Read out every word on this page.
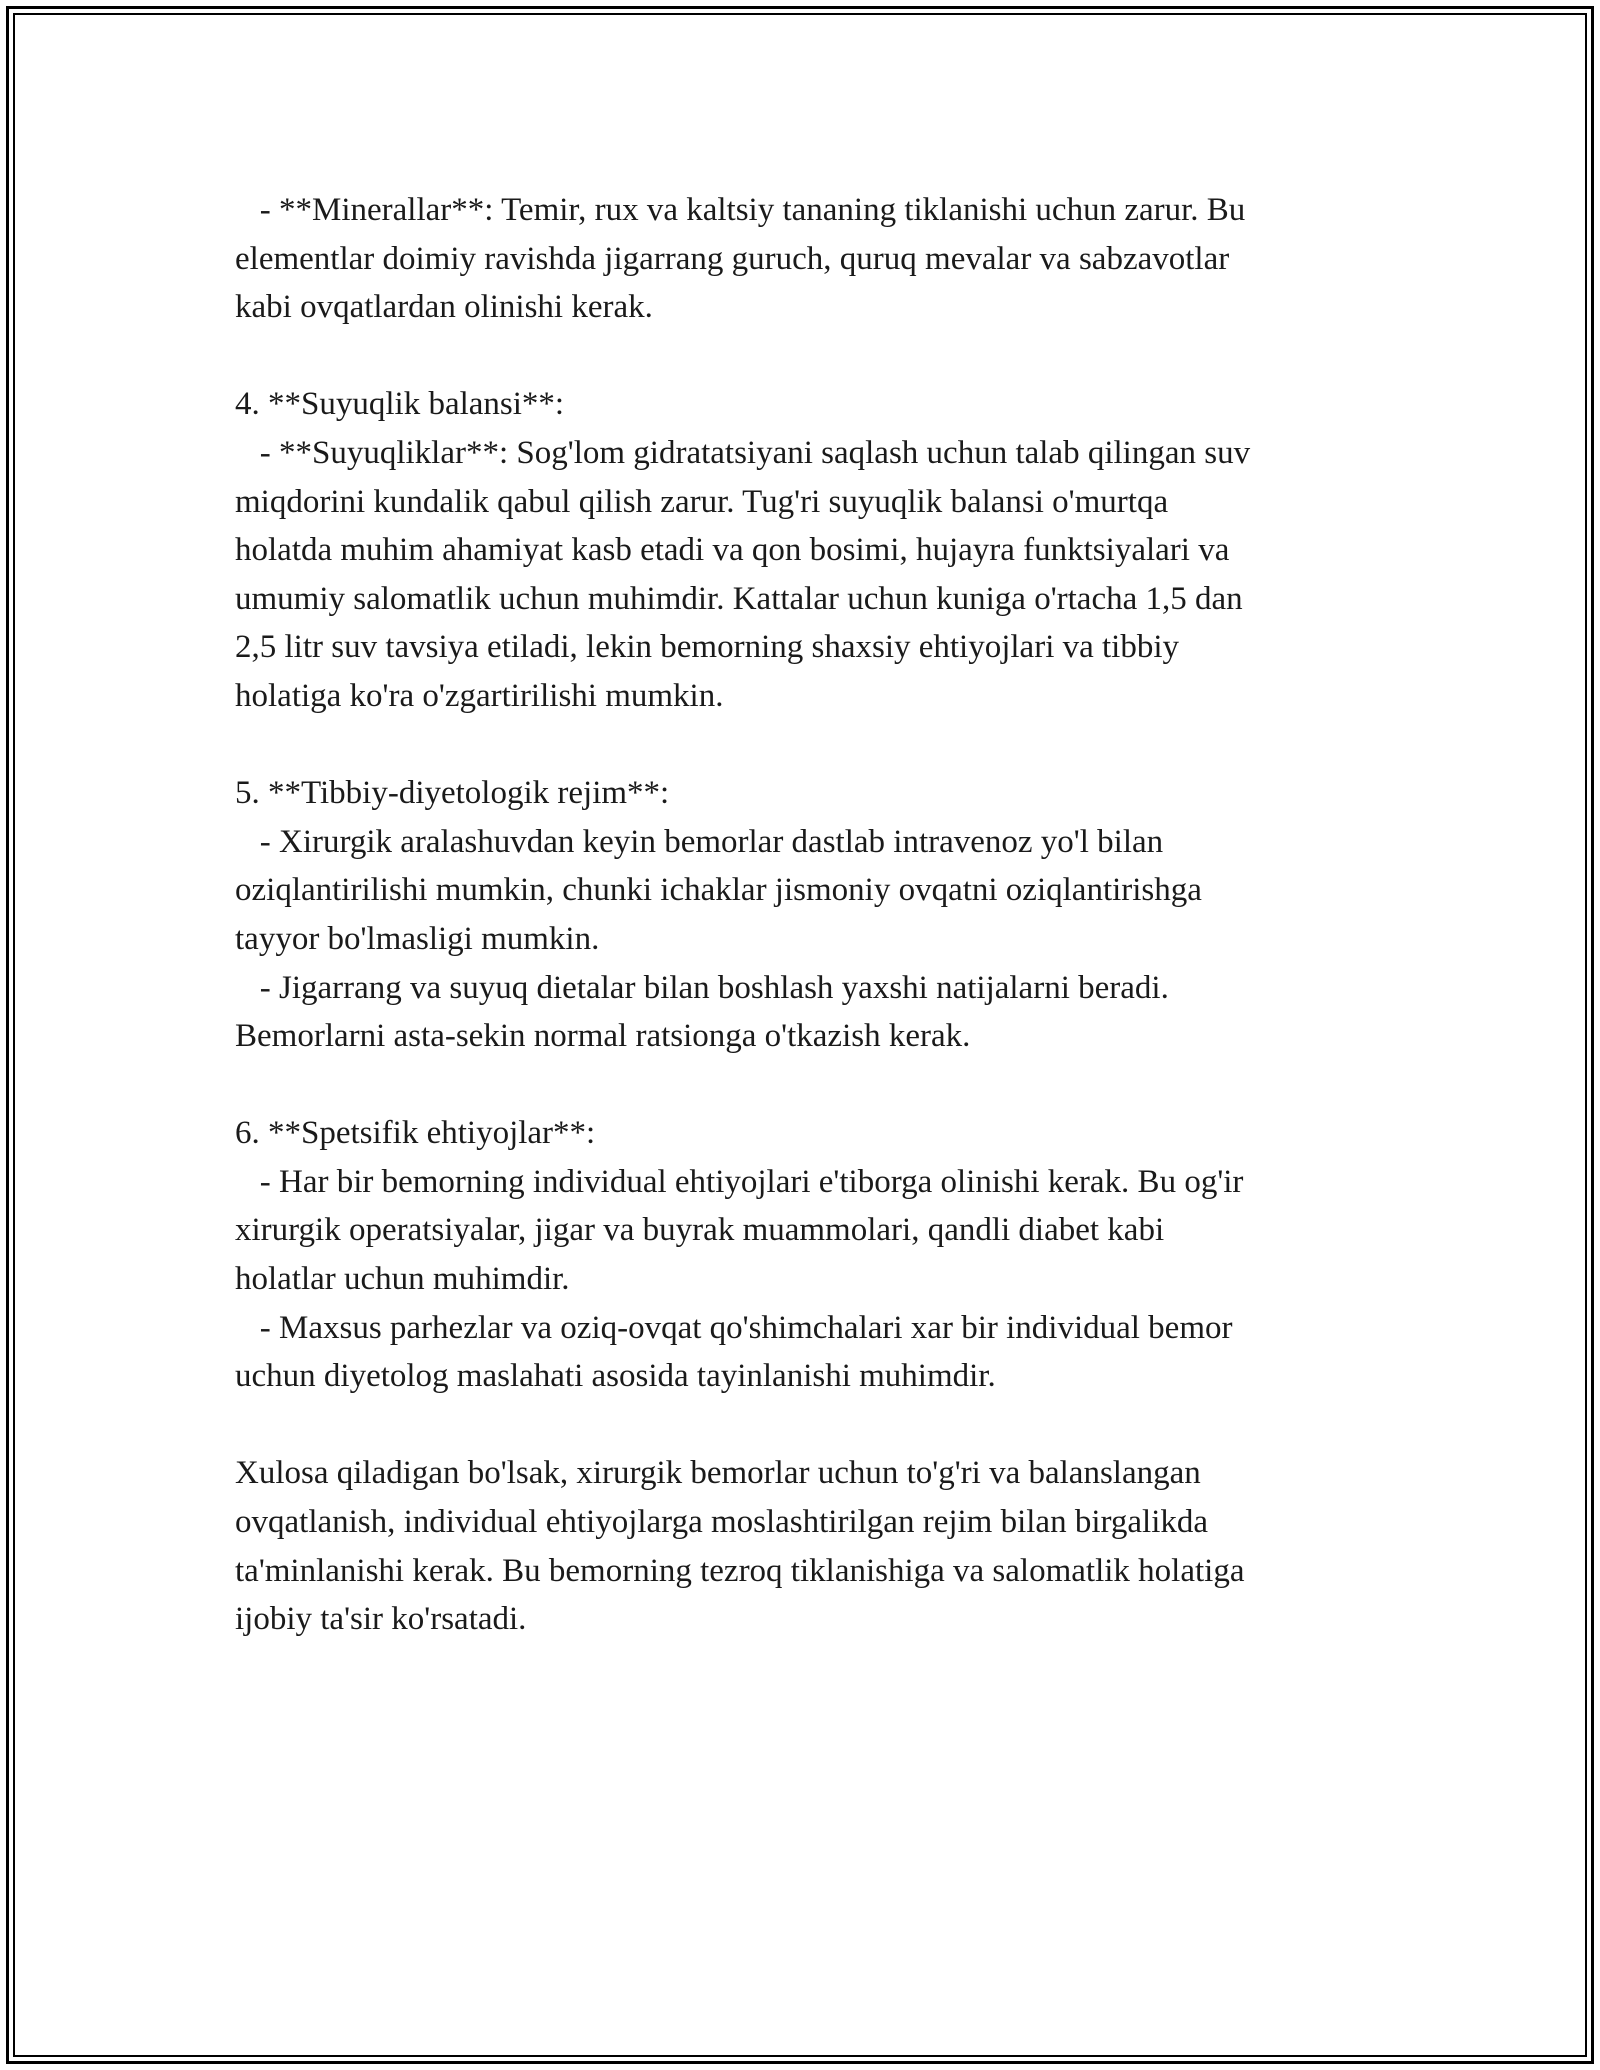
- **Minerallar**: Temir, rux va kaltsiy tananing tiklanishi uchun zarur. Bu
elementlar doimiy ravishda jigarrang guruch, quruq mevalar va sabzavotlar
kabi ovqatlardan olinishi kerak.

4. **Suyuqlik balansi**:
- **Suyuqliklar**: Sog'lom gidratatsiyani saqlash uchun talab qilingan suv
miqdorini kundalik qabul qilish zarur. Tug'ri suyuqlik balansi o'murtqa
holatda muhim ahamiyat kasb etadi va qon bosimi, hujayra funktsiyalari va
umumiy salomatlik uchun muhimdir. Kattalar uchun kuniga o'rtacha 1,5 dan
2,5 litr suv tavsiya etiladi, lekin bemorning shaxsiy ehtiyojlari va tibbiy
holatiga ko'ra o'zgartirilishi mumkin.

5. **Tibbiy-diyetologik rejim**:
- Xirurgik aralashuvdan keyin bemorlar dastlab intravenoz yo'l bilan
oziqlantirilishi mumkin, chunki ichaklar jismoniy ovqatni oziqlantirishga
tayyor bo'lmasligi mumkin.
- Jigarrang va suyuq dietalar bilan boshlash yaxshi natijalarni beradi.
Bemorlarni asta-sekin normal ratsionga o'tkazish kerak.

6. **Spetsifik ehtiyojlar**:
- Har bir bemorning individual ehtiyojlari e'tiborga olinishi kerak. Bu og'ir
xirurgik operatsiyalar, jigar va buyrak muammolari, qandli diabet kabi
holatlar uchun muhimdir.
- Maxsus parhezlar va oziq-ovqat qo'shimchalari xar bir individual bemor
uchun diyetolog maslahati asosida tayinlanishi muhimdir.

Xulosa qiladigan bo'lsak, xirurgik bemorlar uchun to'g'ri va balanslangan
ovqatlanish, individual ehtiyojlarga moslashtirilgan rejim bilan birgalikda
ta'minlanishi kerak. Bu bemorning tezroq tiklanishiga va salomatlik holatiga
ijobiy ta'sir ko'rsatadi.
